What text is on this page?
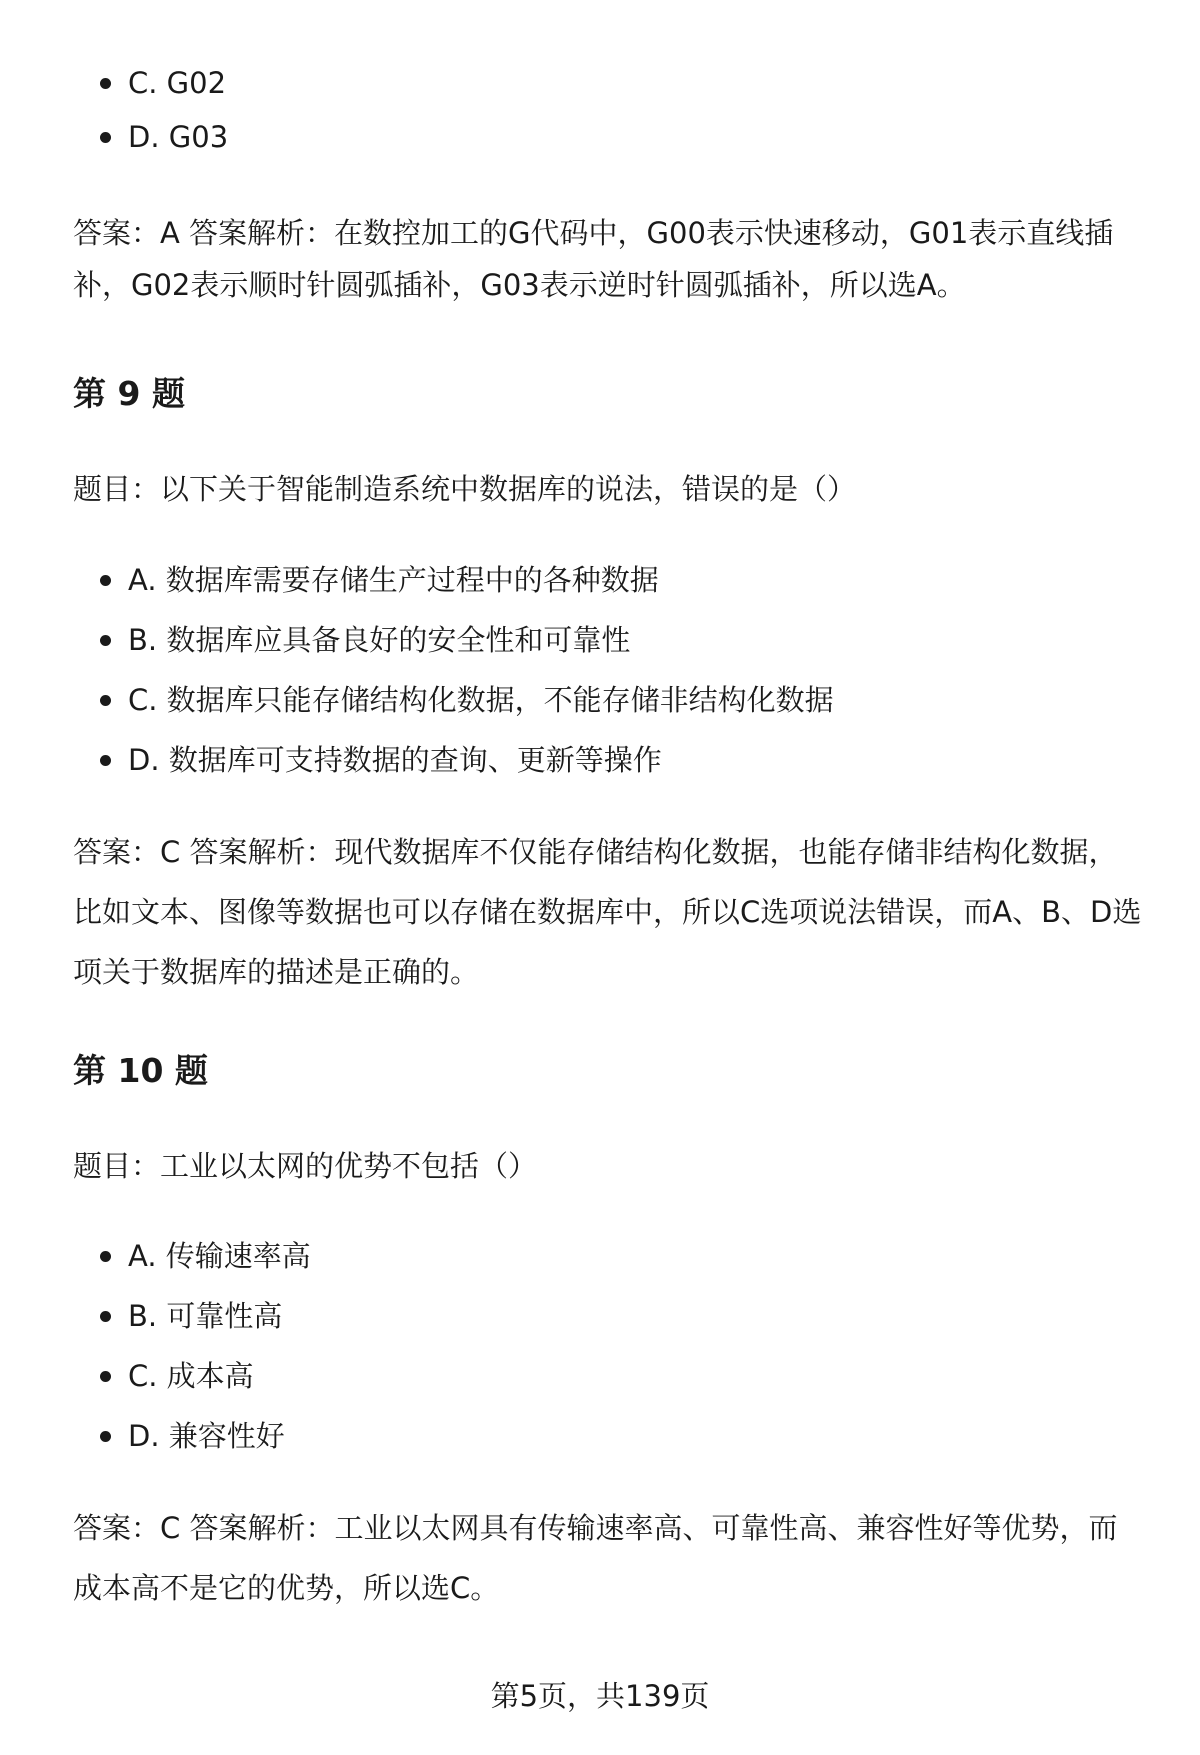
C. G02
D. G03

答案：A 答案解析：在数控加工的G代码中，G00表示快速移动，G01表示直线插补，G02表示顺时针圆弧插补，G03表示逆时针圆弧插补，所以选A。

第 9 题

题目：以下关于智能制造系统中数据库的说法，错误的是（）

A. 数据库需要存储生产过程中的各种数据
B. 数据库应具备良好的安全性和可靠性
C. 数据库只能存储结构化数据，不能存储非结构化数据
D. 数据库可支持数据的查询、更新等操作

答案：C 答案解析：现代数据库不仅能存储结构化数据，也能存储非结构化数据，比如文本、图像等数据也可以存储在数据库中，所以C选项说法错误，而A、B、D选项关于数据库的描述是正确的。

第 10 题

题目：工业以太网的优势不包括（）

A. 传输速率高
B. 可靠性高
C. 成本高
D. 兼容性好

答案：C 答案解析：工业以太网具有传输速率高、可靠性高、兼容性好等优势，而成本高不是它的优势，所以选C。

第5页，共139页
